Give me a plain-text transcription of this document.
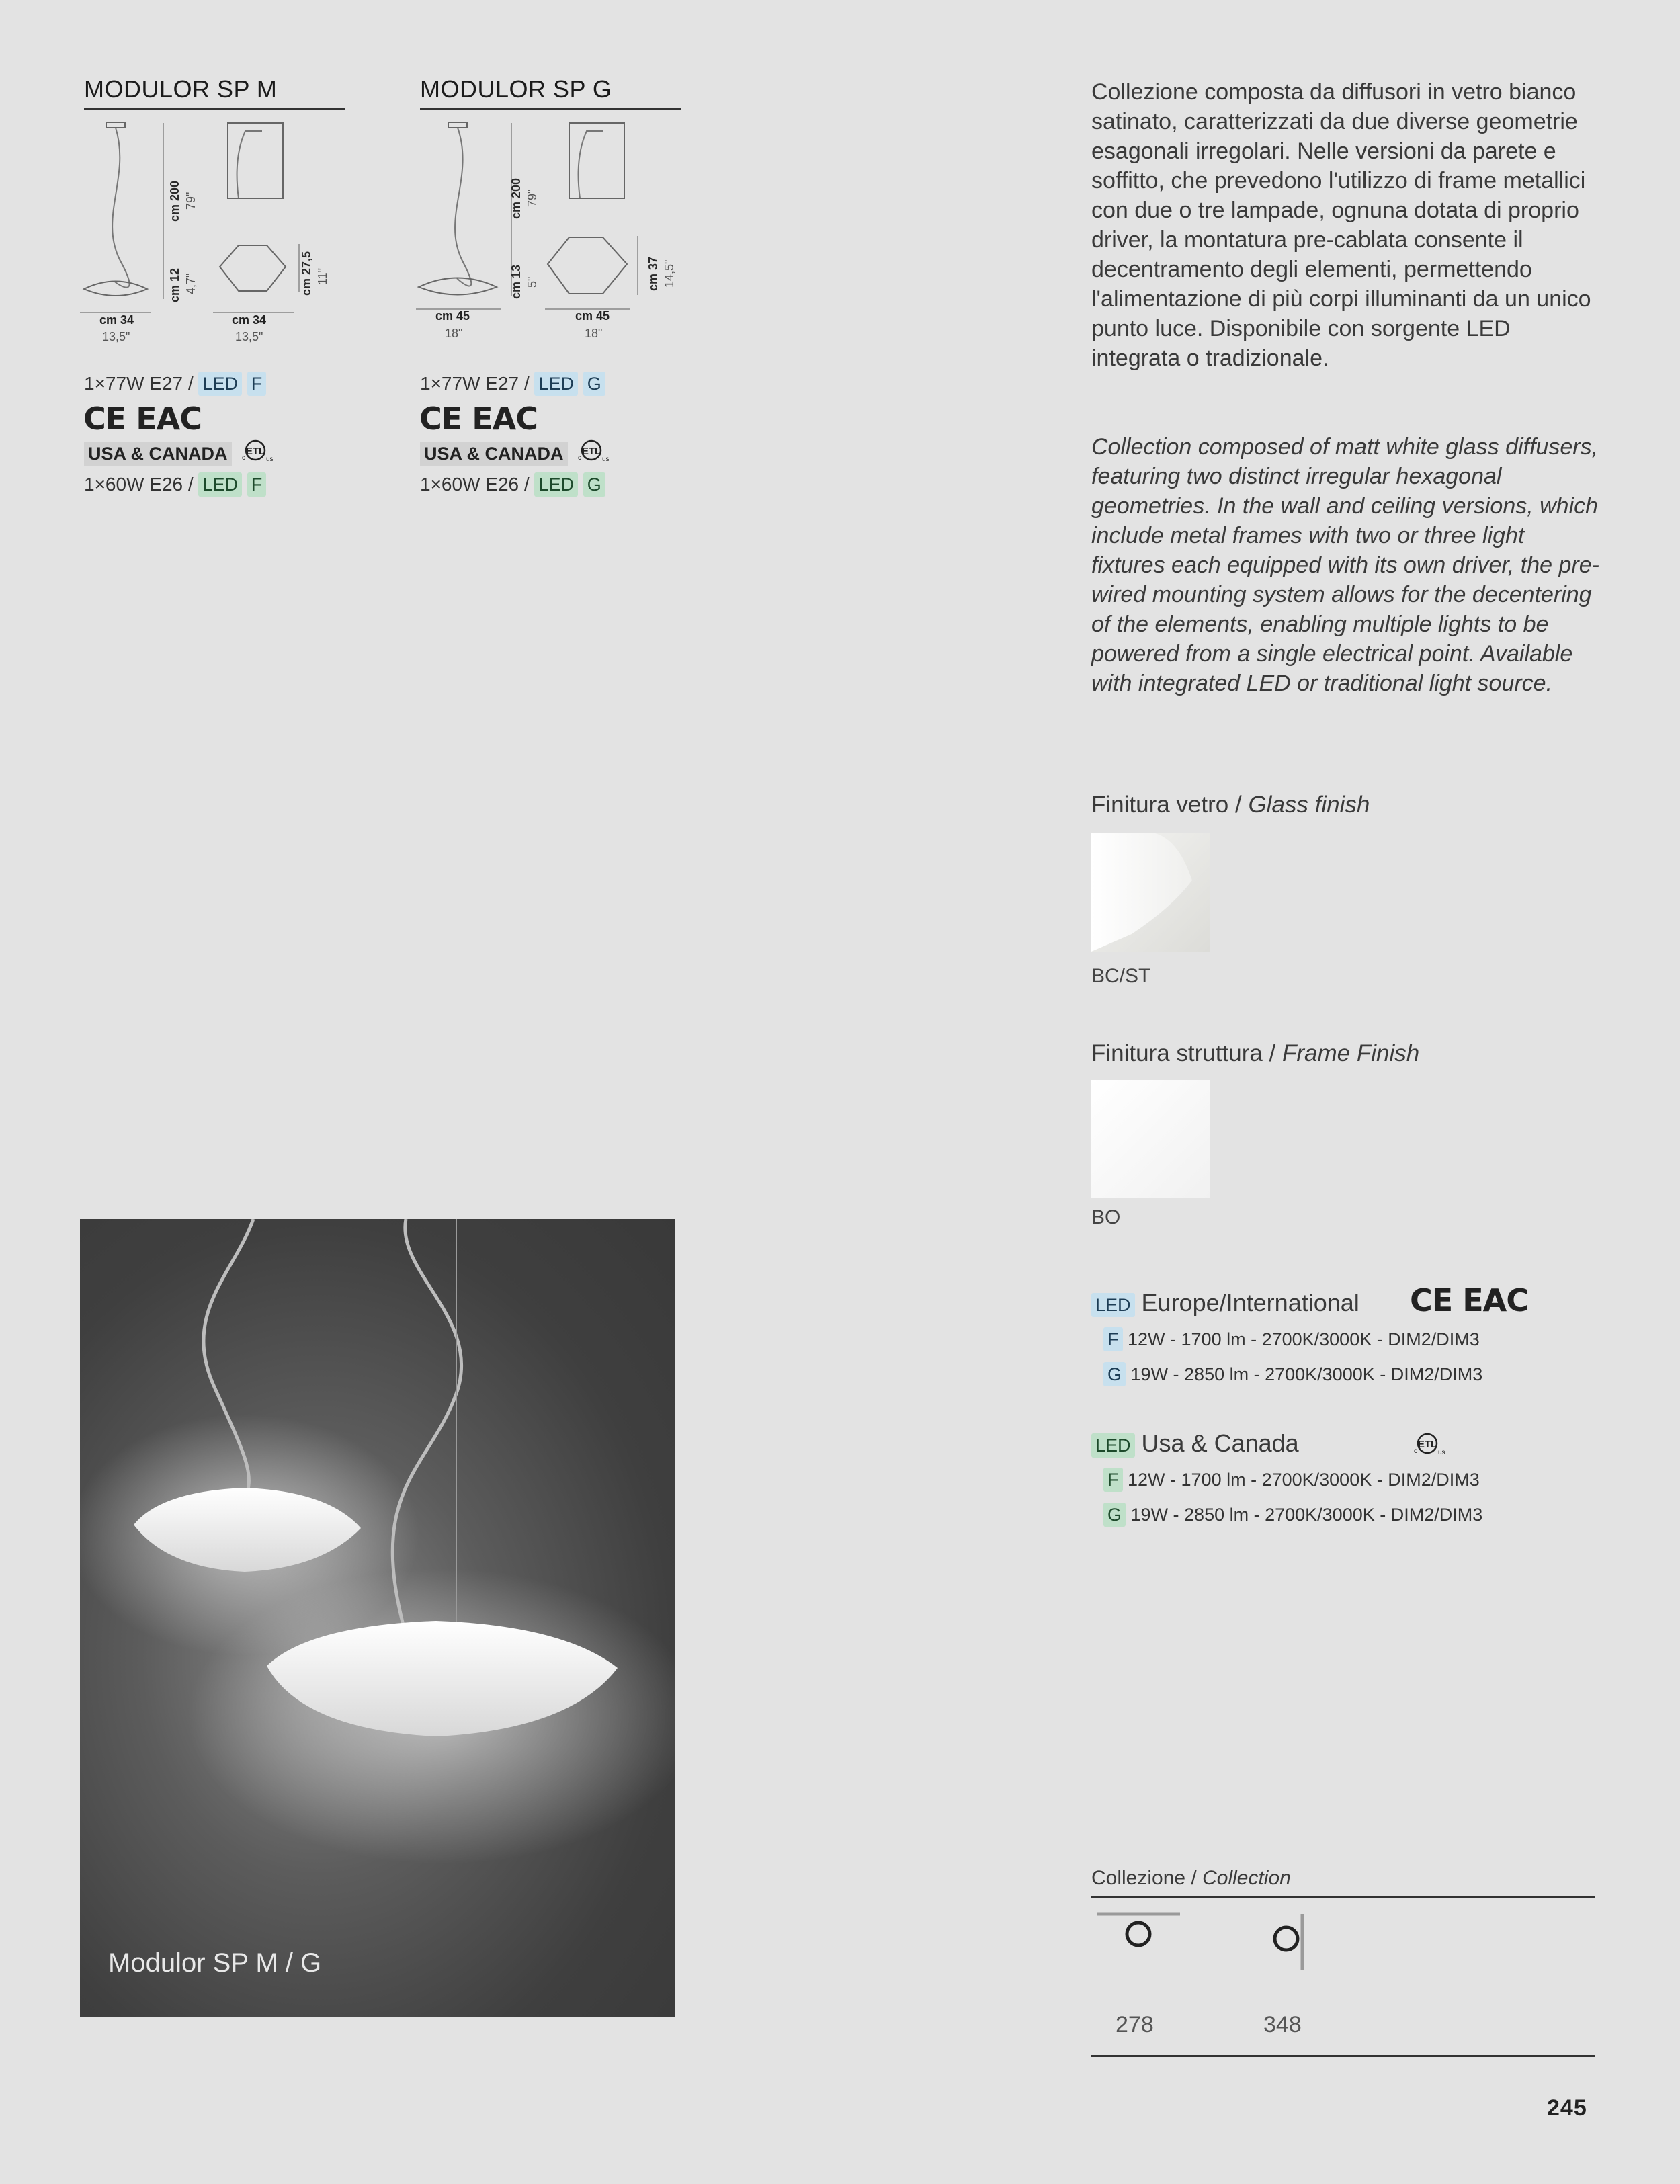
MODULOR SP M
cm 200 79"
cm 12 4,7"	cm 27,5 11"
cm 34
13,5"
cm 34
13,5"
1×77W E27 / LED F
CE EAC
USA & CANADA	ETL
c	us
1×60W E26 / LED F
MODULOR SP G
cm 200 79"
cm 13 5"	cm 37 14,5"
cm 45
18"
cm 45
18"
1×77W E27 / LED G
CE EAC
USA & CANADA	ETL
c	us
1×60W E26 / LED G
Modulor SP M / G
Collezione composta da diffusori in vetro bianco satinato, caratterizzati da due diverse geometrie esagonali irregolari. Nelle versioni da parete e soffitto, che prevedono l'utilizzo di frame metallici con due o tre lampade, ognuna dotata di proprio driver, la montatura pre-cablata consente il decentramento degli elementi, permettendo l'alimentazione di più corpi illuminanti da un unico punto luce. Disponibile con sorgente LED integrata o tradizionale.
Collection composed of matt white glass diffusers, featuring two distinct irregular hexagonal geometries. In the wall and ceiling versions, which include metal frames with two or three light fixtures each equipped with its own driver, the pre-wired mounting system allows for the decentering of the elements, enabling multiple lights to be powered from a single electrical point. Available with integrated LED or traditional light source.
Finitura vetro / Glass finish
BC/ST
Finitura struttura / Frame Finish
BO
LED Europe/International CE EAC
F 12W - 1700 lm - 2700K/3000K - DIM2/DIM3
G 19W - 2850 lm - 2700K/3000K - DIM2/DIM3
LED Usa & Canada	ETL
c	us
F 12W - 1700 lm - 2700K/3000K - DIM2/DIM3
G 19W - 2850 lm - 2700K/3000K - DIM2/DIM3
Collezione / Collection
278	348
245
